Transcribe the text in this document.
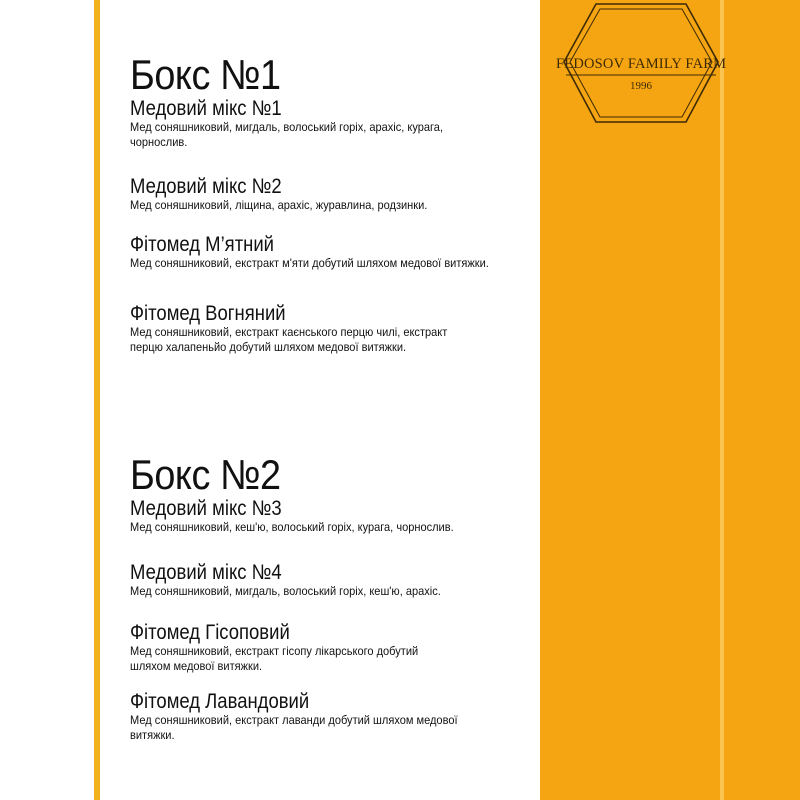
FEDOSOV FAMILY FARM
1996
Бокс №1
Медовий мікс №1
Мед соняшниковий, мигдаль, волоський горіх, арахіс, курага, чорнослив.
Медовий мікс №2
Мед соняшниковий, ліщина, арахіс, журавлина, родзинки.
Фітомед М’ятний
Мед соняшниковий, екстракт м'яти добутий шляхом медової витяжки.
Фітомед Вогняний
Мед соняшниковий, екстракт каєнського перцю чилі, екстракт перцю халапеньйо добутий шляхом медової витяжки.
Бокс №2
Медовий мікс №3
Мед соняшниковий, кеш'ю, волоський горіх, курага, чорнослив.
Медовий мікс №4
Мед соняшниковий, мигдаль, волоський горіх, кеш'ю, арахіс.
Фітомед Гісоповий
Мед соняшниковий, екстракт гісопу лікарського добутий шляхом медової витяжки.
Фітомед Лавандовий
Мед соняшниковий, екстракт лаванди добутий шляхом медової витяжки.
